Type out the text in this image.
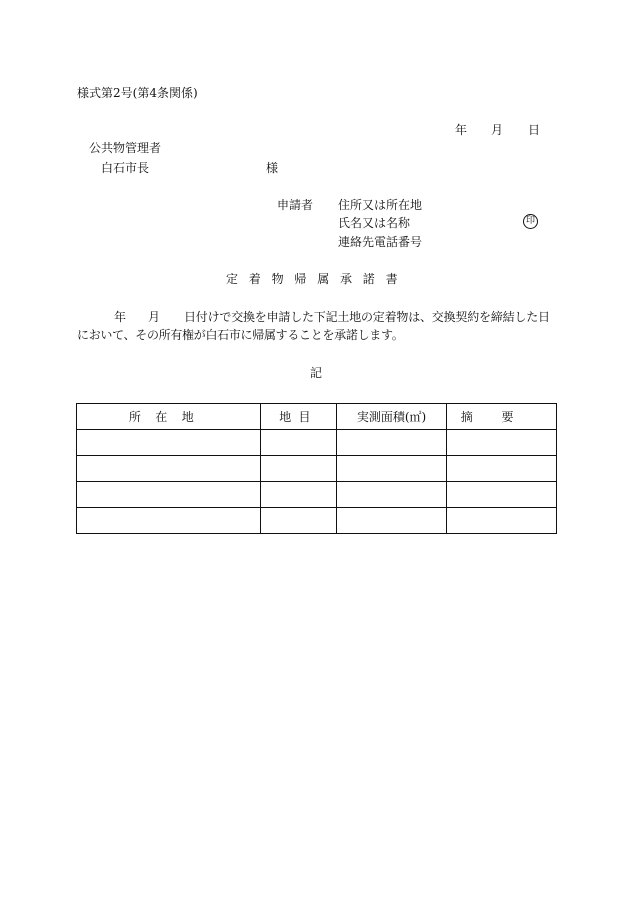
様式第2号(第4条関係)
年 月 日
公共物管理者
白石市長	様
申請者 住所又は所在地
氏名又は名称	印
連絡先電話番号
定着物帰属承諾書
年 月 日付けで交換を申請した下記土地の定着物は、交換契約を締結した日
において、その所有権が白石市に帰属することを承諾します。
記
所在地	地目	実測面積(㎡)	摘要
